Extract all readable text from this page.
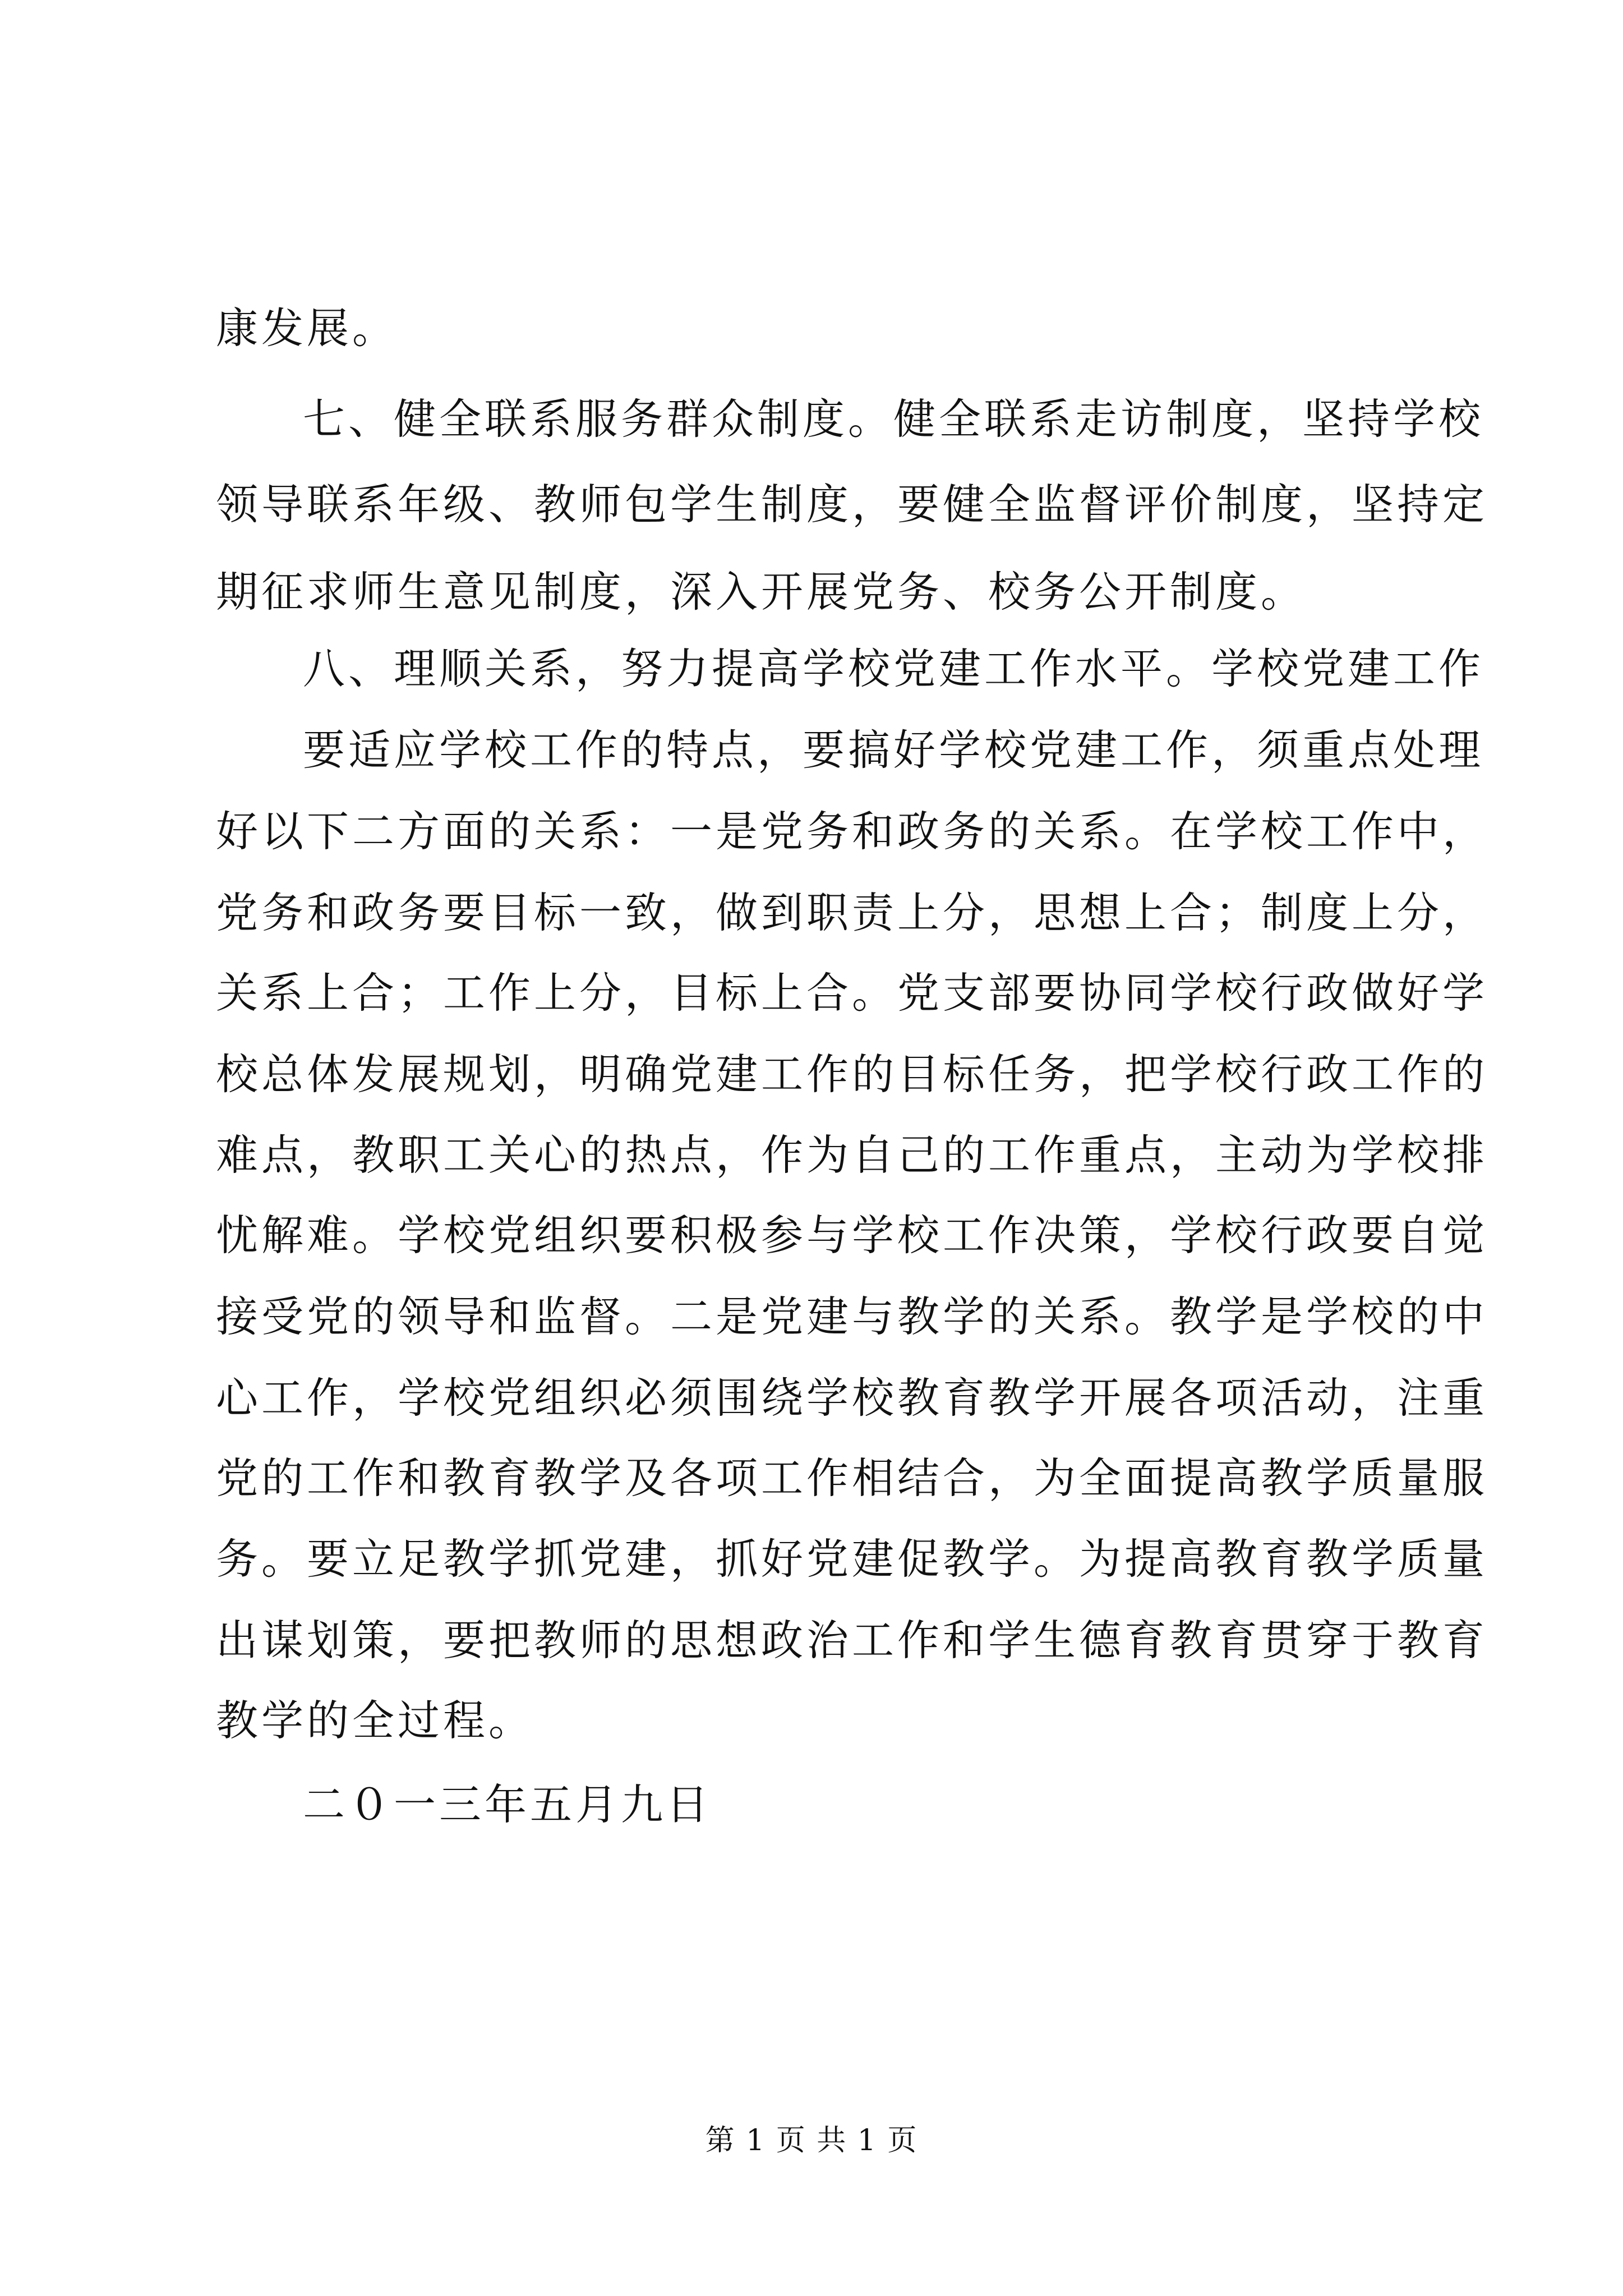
康发展。

七、健全联系服务群众制度。健全联系走访制度，坚持学校

领导联系年级、教师包学生制度，要健全监督评价制度，坚持定

期征求师生意见制度，深入开展党务、校务公开制度。

八、理顺关系，努力提高学校党建工作水平。学校党建工作

要适应学校工作的特点，要搞好学校党建工作，须重点处理

好以下二方面的关系：一是党务和政务的关系。在学校工作中，

党务和政务要目标一致，做到职责上分，思想上合；制度上分，

关系上合；工作上分，目标上合。党支部要协同学校行政做好学

校总体发展规划，明确党建工作的目标任务，把学校行政工作的

难点，教职工关心的热点，作为自己的工作重点，主动为学校排

忧解难。学校党组织要积极参与学校工作决策，学校行政要自觉

接受党的领导和监督。二是党建与教学的关系。教学是学校的中

心工作，学校党组织必须围绕学校教育教学开展各项活动，注重

党的工作和教育教学及各项工作相结合，为全面提高教学质量服

务。要立足教学抓党建，抓好党建促教学。为提高教育教学质量

出谋划策，要把教师的思想政治工作和学生德育教育贯穿于教育

教学的全过程。

二０一三年五月九日

第 1 页 共 1 页
